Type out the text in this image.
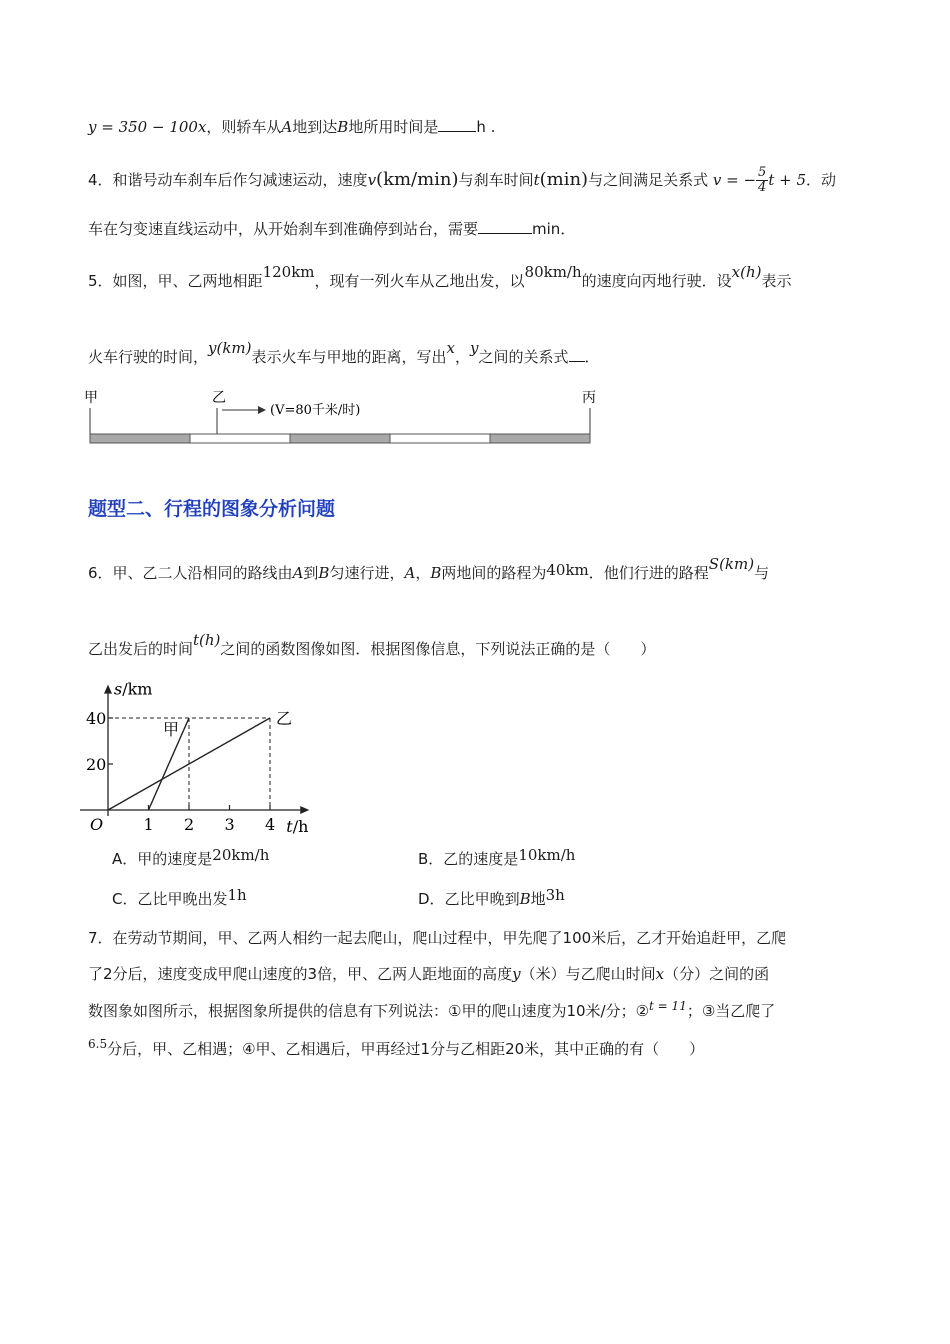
y = 350 − 100x，则轿车从A地到达B地所用时间是	h .
4．和谐号动车刹车后作匀减速运动，速度v(km/min)与刹车时间t(min)与之间满足关系式 v = − $\frac{5}{4}$ t + 5．动
车在匀变速直线运动中，从开始刹车到准确停到站台，需要	min．
5．如图，甲、乙两地相距120km，现有一列火车从乙地出发，以80km/h的速度向丙地行驶．设x(h)表示
火车行驶的时间，y(km)表示火车与甲地的距离，写出x，y之间的关系式 ．
甲	乙	丙
(V=80千米/时)
题型二、行程的图象分析问题
6．甲、乙二人沿相同的路线由A到B匀速行进，A，B两地间的路程为40km．他们行进的路程S(km)与
乙出发后的时间t(h)之间的函数图像如图．根据图像信息，下列说法正确的是（　　）
s/km
t/h
O	1 2 3 4
20
40
甲
乙
A．甲的速度是20km/h	B．乙的速度是10km/h
C．乙比甲晚出发1h	D．乙比甲晚到B地3h
7．在劳动节期间，甲、乙两人相约一起去爬山，爬山过程中，甲先爬了100米后，乙才开始追赶甲，乙爬
了2分后，速度变成甲爬山速度的3倍，甲、乙两人距地面的高度y（米）与乙爬山时间x（分）之间的函
数图象如图所示，根据图象所提供的信息有下列说法：①甲的爬山速度为10米/分；②$^{t = 11}$；③当乙爬了
$^{6.5}$分后，甲、乙相遇；④甲、乙相遇后，甲再经过1分与乙相距20米，其中正确的有（　　）
